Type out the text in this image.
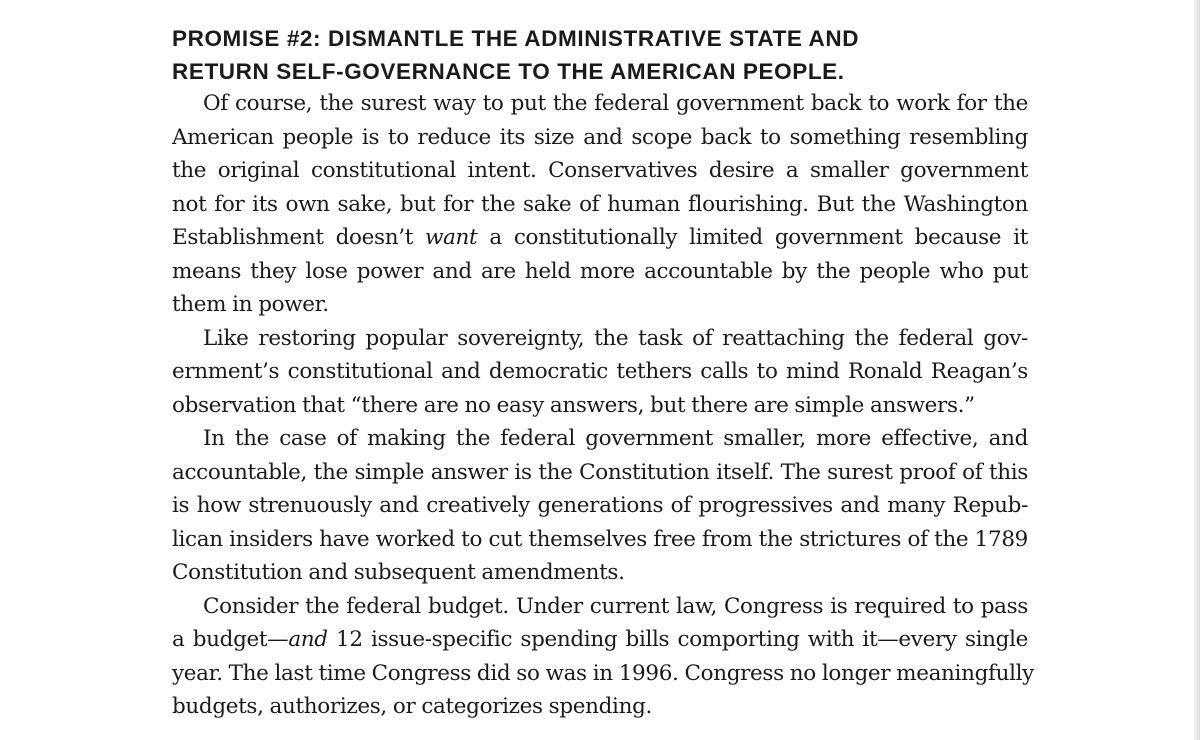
PROMISE #2: DISMANTLE THE ADMINISTRATIVE STATE AND
RETURN SELF-GOVERNANCE TO THE AMERICAN PEOPLE.
Of course, the surest way to put the federal government back to work for the
American people is to reduce its size and scope back to something resembling
the original constitutional intent. Conservatives desire a smaller government
not for its own sake, but for the sake of human flourishing. But the Washington
Establishment doesn’t want a constitutionally limited government because it
means they lose power and are held more accountable by the people who put
them in power.
Like restoring popular sovereignty, the task of reattaching the federal gov-
ernment’s constitutional and democratic tethers calls to mind Ronald Reagan’s
observation that “there are no easy answers, but there are simple answers.”
In the case of making the federal government smaller, more effective, and
accountable, the simple answer is the Constitution itself. The surest proof of this
is how strenuously and creatively generations of progressives and many Repub-
lican insiders have worked to cut themselves free from the strictures of the 1789
Constitution and subsequent amendments.
Consider the federal budget. Under current law, Congress is required to pass
a budget—and 12 issue-specific spending bills comporting with it—every single
year. The last time Congress did so was in 1996. Congress no longer meaningfully
budgets, authorizes, or categorizes spending.
